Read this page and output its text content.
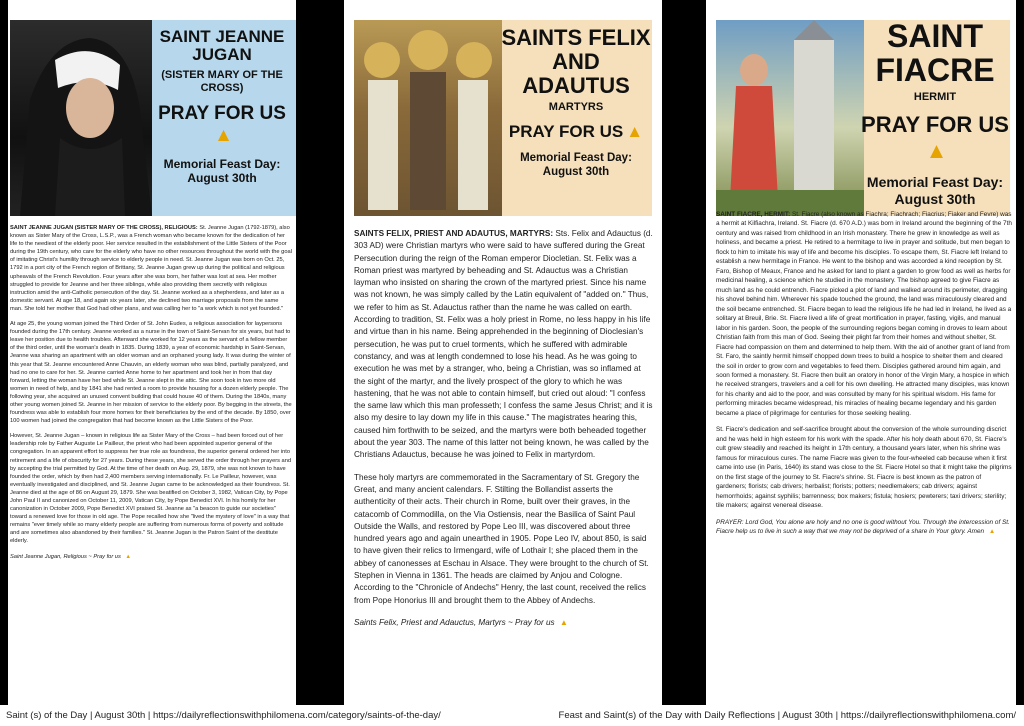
SAINT JEANNE JUGAN
(SISTER MARY OF THE CROSS)
PRAY FOR US▲
Memorial Feast Day: August 30th

SAINT JEANNE JUGAN (SISTER MARY OF THE CROSS), RELIGIOUS: St. Jeanne Jugan (1792-1879), also known as Sister Mary of the Cross, L.S.P., was a French woman who became known for the dedication of her life to the neediest of the elderly poor. Her service resulted in the establishment of the Little Sisters of the Poor during the 19th century, who care for the elderly who have no other resources throughout the world with the goal of imitating Christ's humility through service to elderly people in need. St. Jeanne Jugan was born on Oct. 25, 1792 in a port city of the French region of Brittany, St. Jeanne Jugan grew up during the political and religious upheavals of the French Revolution. Four years after she was born, her father was lost at sea. Her mother struggled to provide for Jeanne and her three siblings, while also providing them secretly with religious instruction amid the anti-Catholic persecution of the day. St. Jeanne worked as a shepherdess, and later as a domestic servant. At age 18, and again six years later, she declined two marriage proposals from the same man. She told her mother that God had other plans, and was calling her to "a work which is not yet founded."

At age 25, the young woman joined the Third Order of St. John Eudes, a religious association for laypersons founded during the 17th century. Jeanne worked as a nurse in the town of Saint-Servan for six years, but had to leave her position due to health troubles. Afterward she worked for 12 years as the servant of a fellow member of the third order, until the woman's death in 1835. During 1839, a year of economic hardship in Saint-Servan, Jeanne was sharing an apartment with an older woman and an orphaned young lady. It was during the winter of this year that St. Jeanne encountered Anne Chauvin, an elderly woman who was blind, partially paralyzed, and had no one to care for her. St. Jeanne carried Anne home to her apartment and took her in from that day forward, letting the woman have her bed while St. Jeanne slept in the attic. She soon took in two more old women in need of help, and by 1841 she had rented a room to provide housing for a dozen elderly people. The following year, she acquired an unused convent building that could house 40 of them. During the 1840s, many other young women joined St. Jeanne in her mission of service to the elderly poor. By begging in the streets, the foundress was able to establish four more homes for their beneficiaries by the end of the decade. By 1850, over 100 women had joined the congregation that had become known as the Little Sisters of the Poor.

However, St. Jeanne Jugan – known in religious life as Sister Mary of the Cross – had been forced out of her leadership role by Father Auguste Le Pailleur, the priest who had been appointed superior general of the congregation. In an apparent effort to suppress her true role as foundress, the superior general ordered her into retirement and a life of obscurity for 27 years. During these years, she served the order through her prayers and by accepting the trial permitted by God. At the time of her death on Aug. 29, 1879, she was not known to have founded the order, which by then had 2,400 members serving internationally. Fr. Le Pailleur, however, was eventually investigated and disciplined, and St. Jeanne Jugan came to be acknowledged as their foundress. St. Jeanne died at the age of 86 on August 29, 1879. She was beatified on October 3, 1982, Vatican City, by Pope John Paul II and canonized on October 11, 2009, Vatican City, by Pope Benedict XVI. In his homily for her canonization in October 2009, Pope Benedict XVI praised St. Jeanne as "a beacon to guide our societies" toward a renewed love for those in old age. The Pope recalled how she "lived the mystery of love" in a way that remains "ever timely while so many elderly people are suffering from numerous forms of poverty and solitude and are sometimes also abandoned by their families." St. Jeanne Jugan is the Patron Saint of the destitute elderly.

Saint Jeanne Jugan, Religious ~ Pray for us ▲

SAINTS FELIX AND ADAUTUS
MARTYRS
PRAY FOR US ▲
Memorial Feast Day: August 30th

SAINTS FELIX, PRIEST AND ADAUTUS, MARTYRS: Sts. Felix and Adauctus (d. 303 AD) were Christian martyrs who were said to have suffered during the Great Persecution during the reign of the Roman emperor Diocletian. St. Felix was a Roman priest was martyred by beheading and St. Adauctus was a Christian layman who insisted on sharing the crown of the martyred priest. Since his name was not known, he was simply called by the Latin equivalent of "added on." Thus, we refer to him as St. Adauctus rather than the name he was called on earth. According to tradition, St. Felix was a holy priest in Rome, no less happy in his life and virtue than in his name. Being apprehended in the beginning of Dioclesian's persecution, he was put to cruel torments, which he suffered with admirable constancy, and was at length condemned to lose his head. As he was going to execution he was met by a stranger, who, being a Christian, was so inflamed at the sight of the martyr, and the lively prospect of the glory to which he was hastening, that he was not able to contain himself, but cried out aloud: "I confess the same law which this man professeth; I confess the same Jesus Christ; and it is also my desire to lay down my life in this cause." The magistrates hearing this, caused him forthwith to be seized, and the martyrs were both beheaded together about the year 303. The name of this latter not being known, he was called by the Christians Adauctus, because he was joined to Felix in martyrdom.

These holy martyrs are commemorated in the Sacramentary of St. Gregory the Great, and many ancient calendars. F. Stilting the Bollandist asserts the authenticity of their acts. Their church in Rome, built over their graves, in the catacomb of Commodilla, on the Via Ostiensis, near the Basilica of Saint Paul Outside the Walls, and restored by Pope Leo III, was discovered about three hundred years ago and again unearthed in 1905. Pope Leo IV, about 850, is said to have given their relics to Irmengard, wife of Lothair I; she placed them in the abbey of canonesses at Eschau in Alsace. They were brought to the church of St. Stephen in Vienna in 1361. The heads are claimed by Anjou and Cologne. According to the "Chronicle of Andechs" Henry, the last count, received the relics from Pope Honorius III and brought them to the Abbey of Andechs.

Saints Felix, Priest and Adauctus, Martyrs ~ Pray for us ▲

SAINT FIACRE
HERMIT
PRAY FOR US▲
Memorial Feast Day: August 30th

SAINT FIACRE, HERMIT: St. Fiacre (also known as Fiachra; Fiachrach; Fiacrius; Fiaker and Fevre) was a hermit at Kilfiachra, Ireland. St. Fiacre (d. 670 A.D.) was born in Ireland around the beginning of the 7th century and was raised from childhood in an Irish monastery. There he grew in knowledge as well as holiness, and became a priest. He retired to a hermitage to live in prayer and solitude, but men began to flock to him to imitate his way of life and become his disciples. To escape them, St. Fiacre left Ireland to establish a new hermitage in France. He went to the bishop and was accorded a kind reception by St. Faro, Bishop of Meaux, France and he asked for land to plant a garden to grow food as well as herbs for medicinal healing, a science which he studied in the monastery. The bishop agreed to give Fiacre as much land as he could entrench. Fiacre picked a plot of land and walked around its perimeter, dragging his shovel behind him. Wherever his spade touched the ground, the land was miraculously cleared and the soil became entrenched. St. Fiacre began to lead the religious life he had led in Ireland, he lived as a solitary at Breuil, Brie. St. Fiacre lived a life of great mortification in prayer, fasting, vigils, and manual labor in his garden. Soon, the people of the surrounding regions began coming in droves to learn about Christian faith from this man of God. Seeing their plight far from their homes and without shelter, St. Fiacre had compassion on them and determined to help them. With the aid of another grant of land from St. Faro, the saintly hermit himself chopped down trees to build a hospice to shelter them and cleared the soil in order to grow corn and vegetables to feed them. Disciples gathered around him again, and soon formed a monastery. St. Fiacre then built an oratory in honor of the Virgin Mary, a hospice in which he received strangers, travelers and a cell for his own dwelling. He attracted many disciples, was known for his charity and aid to the poor, and was consulted by many for his spiritual wisdom. His fame for performing miracles became widespread, his miracles of healing became legendary and his garden became a place of pilgrimage for centuries for those seeking healing.

St. Fiacre's dedication and self-sacrifice brought about the conversion of the whole surrounding discrict and he was held in high esteem for his work with the spade. After his holy death about 670, St. Fiacre's cult grew steadily and reached its height in 17th century, a thousand years later, when his shrine was famous for miraculous cures. The name Fiacre was given to the four-wheeled cab because when it first came into use (in Paris, 1640) its stand was close to the St. Fiacre Hotel so that it might take the pilgrims on the first stage of the journey to St. Fiacre's shrine. St. Fiacre is best known as the patron of gardeners; florists; cab drivers; herbalist; florists; potters; needlemakers; cab drivers; against hemorrhoids; against syphilis; barrenness; box makers; fistula; hosiers; pewterers; taxi drivers; sterility; tile makers; against venereal disease.

PRAYER: Lord God, You alone are holy and no one is good without You. Through the intercession of St. Fiacre help us to live in such a way that we may not be deprived of a share in Your glory. Amen ▲

Saint (s) of the Day | August 30th | https://dailyreflectionswithphilomena.com/category/saints-of-the-day/	Feast and Saint(s) of the Day with Daily Reflections | August 30th | https://dailyreflectionswithphilomena.com/
